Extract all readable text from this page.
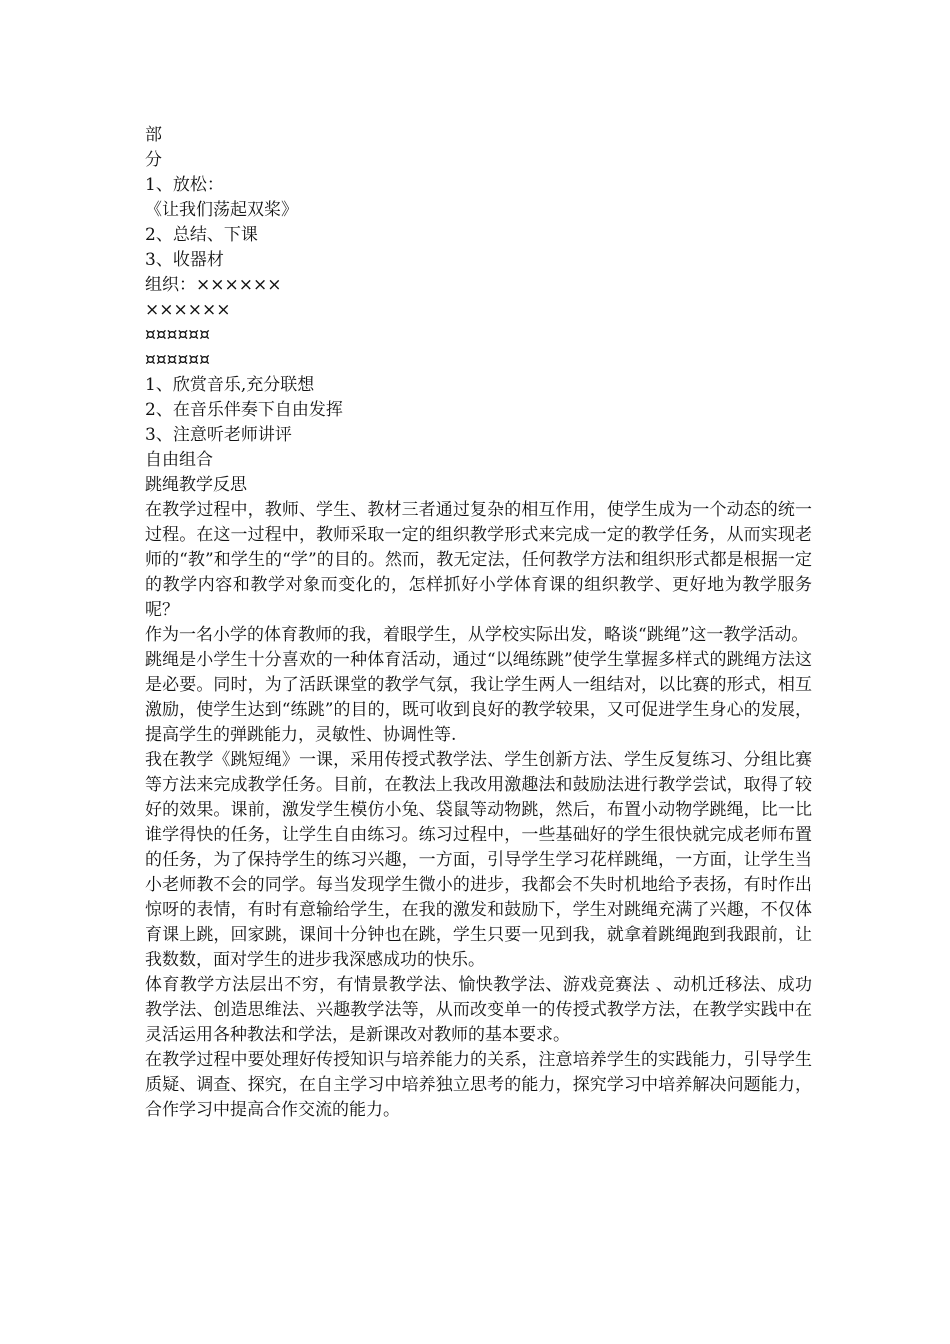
部
分
1、放松：
《让我们荡起双桨》
2、总结、下课
3、收器材
组织：××××××
××××××
¤¤¤¤¤¤
¤¤¤¤¤¤
1、欣赏音乐,充分联想
2、在音乐伴奏下自由发挥
3、注意听老师讲评
自由组合
跳绳教学反思
在教学过程中，教师、学生、教材三者通过复杂的相互作用，使学生成为一个动态的统一过程。在这一过程中，教师采取一定的组织教学形式来完成一定的教学任务，从而实现老师的“教”和学生的“学”的目的。然而，教无定法，任何教学方法和组织形式都是根据一定的教学内容和教学对象而变化的，怎样抓好小学体育课的组织教学、更好地为教学服务呢？
作为一名小学的体育教师的我，着眼学生，从学校实际出发，略谈“跳绳”这一教学活动。
跳绳是小学生十分喜欢的一种体育活动，通过“以绳练跳”使学生掌握多样式的跳绳方法这是必要。同时，为了活跃课堂的教学气氛，我让学生两人一组结对，以比赛的形式，相互激励，使学生达到“练跳”的目的，既可收到良好的教学较果，又可促进学生身心的发展，提高学生的弹跳能力，灵敏性、协调性等.
我在教学《跳短绳》一课，采用传授式教学法、学生创新方法、学生反复练习、分组比赛等方法来完成教学任务。目前，在教法上我改用激趣法和鼓励法进行教学尝试，取得了较好的效果。课前，激发学生模仿小兔、袋鼠等动物跳，然后，布置小动物学跳绳，比一比谁学得快的任务，让学生自由练习。练习过程中，一些基础好的学生很快就完成老师布置的任务，为了保持学生的练习兴趣，一方面，引导学生学习花样跳绳，一方面，让学生当小老师教不会的同学。每当发现学生微小的进步，我都会不失时机地给予表扬，有时作出惊呀的表情，有时有意输给学生，在我的激发和鼓励下，学生对跳绳充满了兴趣，不仅体育课上跳，回家跳，课间十分钟也在跳，学生只要一见到我，就拿着跳绳跑到我跟前，让我数数，面对学生的进步我深感成功的快乐。
体育教学方法层出不穷，有情景教学法、愉快教学法、游戏竞赛法 、动机迁移法、成功教学法、创造思维法、兴趣教学法等，从而改变单一的传授式教学方法，在教学实践中在灵活运用各种教法和学法，是新课改对教师的基本要求。
在教学过程中要处理好传授知识与培养能力的关系，注意培养学生的实践能力，引导学生质疑、调查、探究，在自主学习中培养独立思考的能力，探究学习中培养解决问题能力，合作学习中提高合作交流的能力。
